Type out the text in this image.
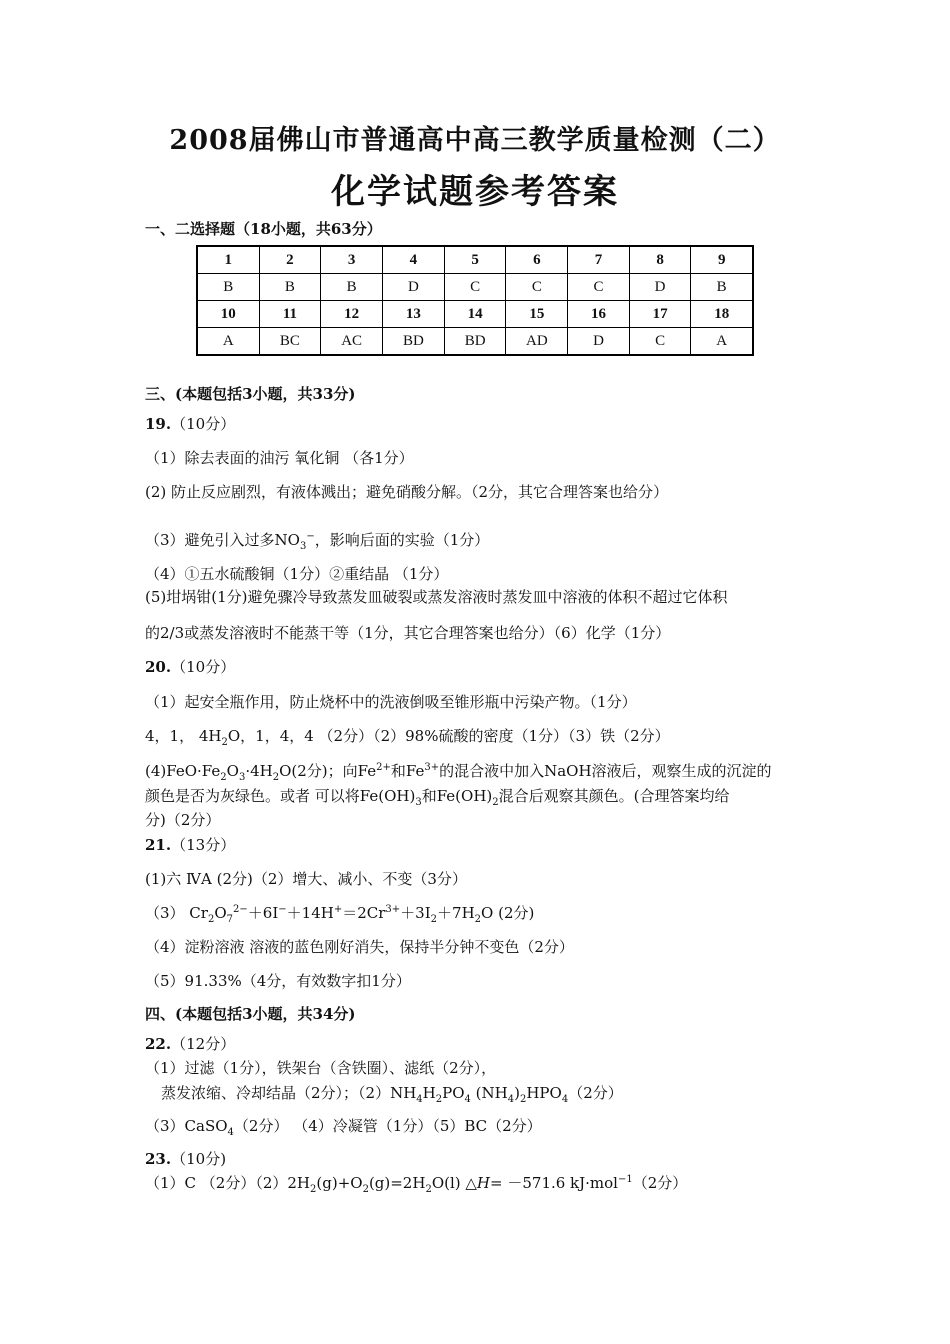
2008届佛山市普通高中高三教学质量检测（二）
化学试题参考答案
一、二选择题（18小题，共63分）
1	2	3	4	5	6	7	8	9
B	B	B	D	C	C	C	D	B
10	11	12	13	14	15	16	17	18
A	BC	AC	BD	BD	AD	D	C	A
三、(本题包括3小题，共33分)
19.（10分）
（1）除去表面的油污 氧化铜 （各1分）
(2) 防止反应剧烈，有液体溅出；避免硝酸分解。（2分，其它合理答案也给分）
（3）避免引入过多$NO_3^-$，影响后面的实验（1分）
（4）①五水硫酸铜（1分）②重结晶 （1分）
(5)坩埚钳(1分)避免骤冷导致蒸发皿破裂或蒸发溶液时蒸发皿中溶液的体积不超过它体积
的2/3或蒸发溶液时不能蒸干等（1分，其它合理答案也给分）（6）化学（1分）
20.（10分）
（1）起安全瓶作用，防止烧杯中的洗液倒吸至锥形瓶中污染产物。（1分）
4，1， $4H_2O$，1，4，4 （2分）（2）98%硫酸的密度（1分）（3）铁（2分）
$(4)FeO\cdot Fe_2O_3\cdot 4H_2O(2$分)；向$Fe^{2+}$和$Fe^{3+}$的混合液中加入NaOH溶液后，观察生成的沉淀的
颜色是否为灰绿色。或者 可以将$Fe(OH)_3$和$Fe(OH)_2$混合后观察其颜色。(合理答案均给
分)（2分）
21.（13分）
(1)六 ⅣA (2分)（2）增大、减小、不变（3分）
（3） $Cr_2O_7^{2-}+6I^-+14H^+=2Cr^{3+}+3I_2+7H_2O$ (2分)
（4）淀粉溶液 溶液的蓝色刚好消失，保持半分钟不变色（2分）
（5）91.33%（4分，有效数字扣1分）
四、(本题包括3小题，共34分)
22.（12分）
（1）过滤（1分），铁架台（含铁圈）、滤纸（2分），
蒸发浓缩、冷却结晶（2分）；$(2)NH_4H_2PO_4$ $(NH_4)_2HPO_4(2$分）
（3）CaSO$_4$（2分） （4）冷凝管（1分）（5）BC（2分）
23.（10分)
（1）C （2分）$(2)2H_2(g)+O_2(g)=2H_2O(l)$ △H= －571.6 kJ·mol$^{-1}$（2分）
